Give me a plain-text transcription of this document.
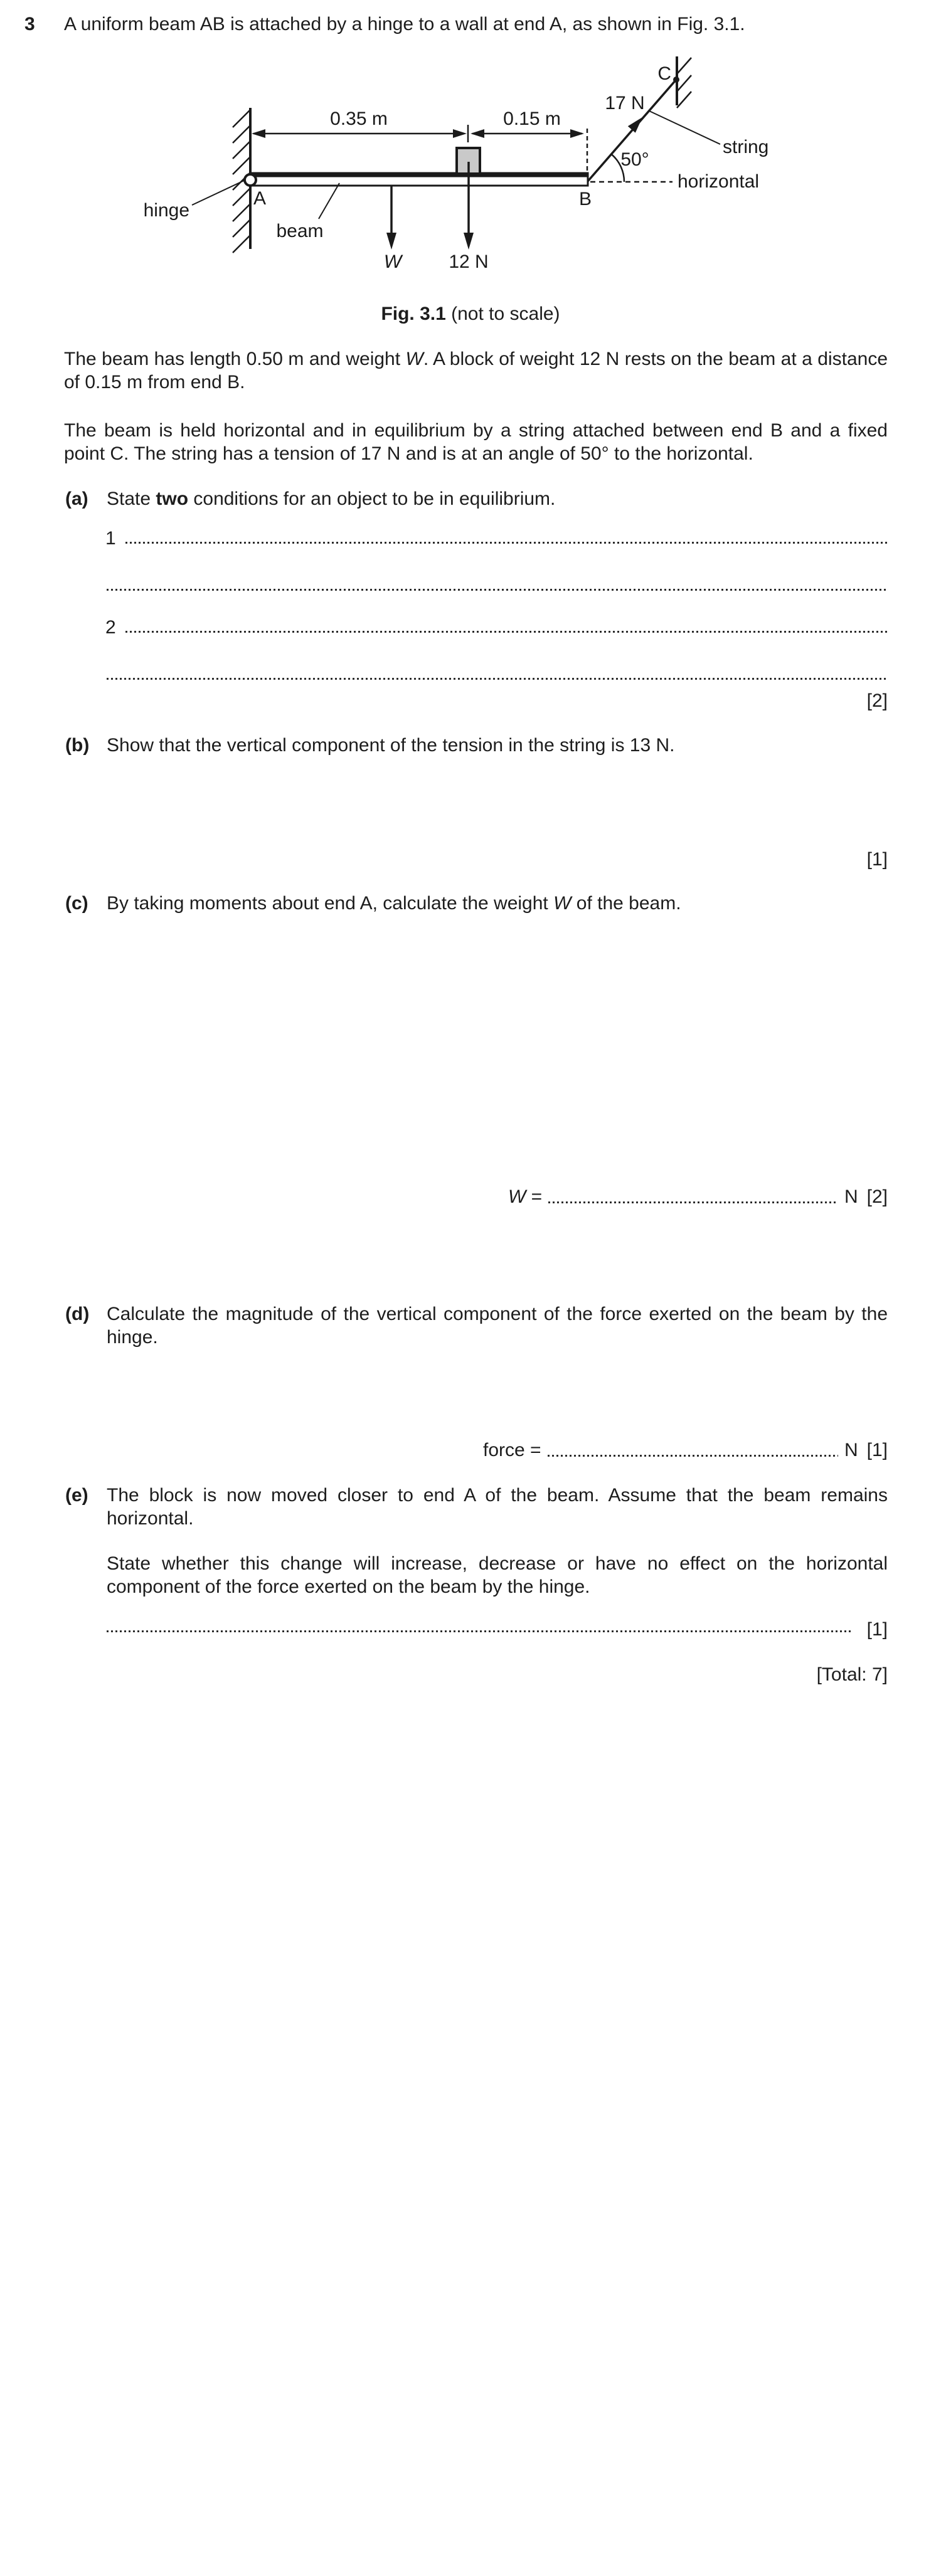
3 A uniform beam AB is attached by a hinge to a wall at end A, as shown in Fig. 3.1.
0.35 m	0.15 m
W	12 N
C
17 N
50°
horizontal
string
hinge
beam
A	B
Fig. 3.1 (not to scale)
The beam has length 0.50 m and weight W. A block of weight 12 N rests on the beam at a distance of 0.15 m from end B.
The beam is held horizontal and in equilibrium by a string attached between end B and a fixed point C. The string has a tension of 17 N and is at an angle of 50° to the horizontal.
(a) State two conditions for an object to be in equilibrium.
1
2
[2]
(b) Show that the vertical component of the tension in the string is 13 N.
[1]
(c) By taking moments about end A, calculate the weight W of the beam.
W =	N [2]
(d) Calculate the magnitude of the vertical component of the force exerted on the beam by the hinge.
force =	N [1]
(e) The block is now moved closer to end A of the beam. Assume that the beam remains horizontal.
State whether this change will increase, decrease or have no effect on the horizontal component of the force exerted on the beam by the hinge.
[1]
[Total: 7]
